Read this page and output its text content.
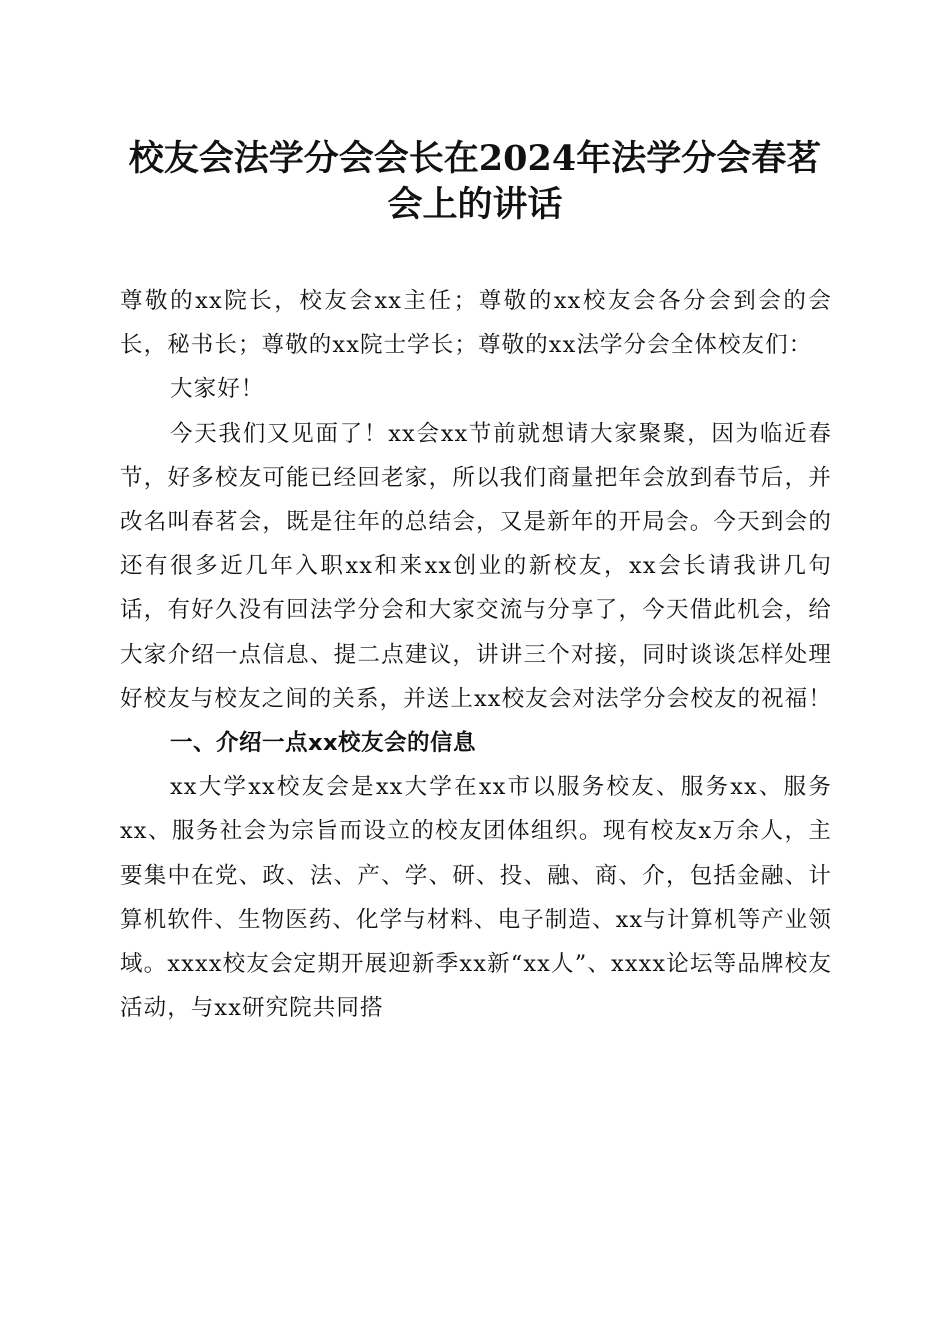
校友会法学分会会长在2024年法学分会春茗
会上的讲话

尊敬的xx院长，校友会xx主任；尊敬的xx校友会各分会到会的会长，秘书长；尊敬的xx院士学长；尊敬的xx法学分会全体校友们：

大家好！

今天我们又见面了！xx会xx节前就想请大家聚聚，因为临近春节，好多校友可能已经回老家，所以我们商量把年会放到春节后，并改名叫春茗会，既是往年的总结会，又是新年的开局会。今天到会的还有很多近几年入职xx和来xx创业的新校友，xx会长请我讲几句话，有好久没有回法学分会和大家交流与分享了，今天借此机会，给大家介绍一点信息、提二点建议，讲讲三个对接，同时谈谈怎样处理好校友与校友之间的关系，并送上xx校友会对法学分会校友的祝福！

一、介绍一点xx校友会的信息

xx大学xx校友会是xx大学在xx市以服务校友、服务xx、服务xx、服务社会为宗旨而设立的校友团体组织。现有校友x万余人，主要集中在党、政、法、产、学、研、投、融、商、介，包括金融、计算机软件、生物医药、化学与材料、电子制造、xx与计算机等产业领域。xxxx校友会定期开展迎新季xx新“xx人”、xxxx论坛等品牌校友活动，与xx研究院共同搭
